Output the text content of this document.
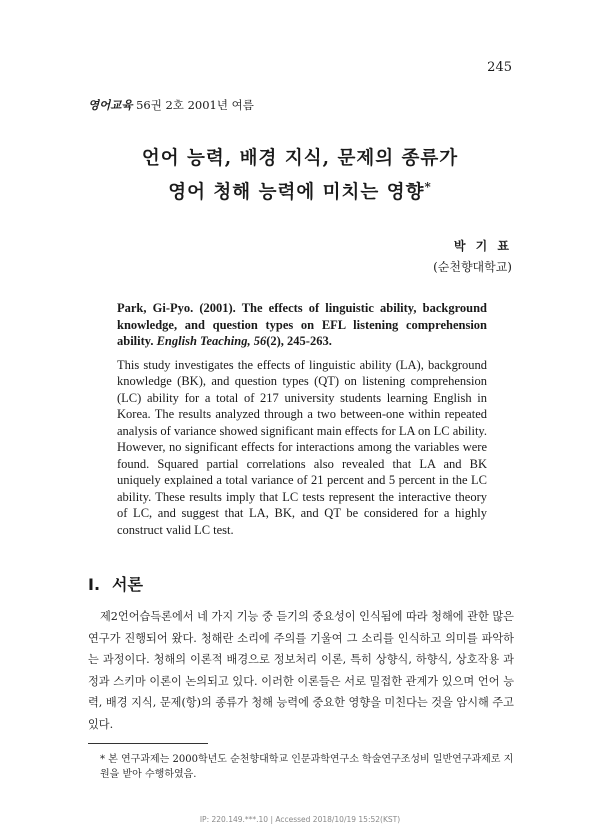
245
영어교육 56권 2호 2001년 여름
언어 능력, 배경 지식, 문제의 종류가
영어 청해 능력에 미치는 영향*
박 기 표
(순천향대학교)

Park, Gi-Pyo. (2001). The effects of linguistic ability, background knowledge, and question types on EFL listening comprehension ability. English Teaching, 56(2), 245-263.

This study investigates the effects of linguistic ability (LA), background knowledge (BK), and question types (QT) on listening comprehension (LC) ability for a total of 217 university students learning English in Korea. The results analyzed through a two between-one within repeated analysis of variance showed significant main effects for LA on LC ability. However, no significant effects for interactions among the variables were found. Squared partial correlations also revealed that LA and BK uniquely explained a total variance of 21 percent and 5 percent in the LC ability. These results imply that LC tests represent the interactive theory of LC, and suggest that LA, BK, and QT be considered for a highly construct valid LC test.

I. 서론

제2언어습득론에서 네 가지 기능 중 듣기의 중요성이 인식됨에 따라 청해에 관한 많은 연구가 진행되어 왔다. 청해란 소리에 주의를 기울여 그 소리를 인식하고 의미를 파악하는 과정이다. 청해의 이론적 배경으로 정보처리 이론, 특히 상향식, 하향식, 상호작용 과정과 스키마 이론이 논의되고 있다. 이러한 이론들은 서로 밀접한 관계가 있으며 언어 능력, 배경 지식, 문제(항)의 종류가 청해 능력에 중요한 영향을 미친다는 것을 암시해 주고 있다.

* 본 연구과제는 2000학년도 순천향대학교 인문과학연구소 학술연구조성비 일반연구과제로 지원을 받아 수행하였음.

IP: 220.149.***.10 | Accessed 2018/10/19 15:52(KST)
